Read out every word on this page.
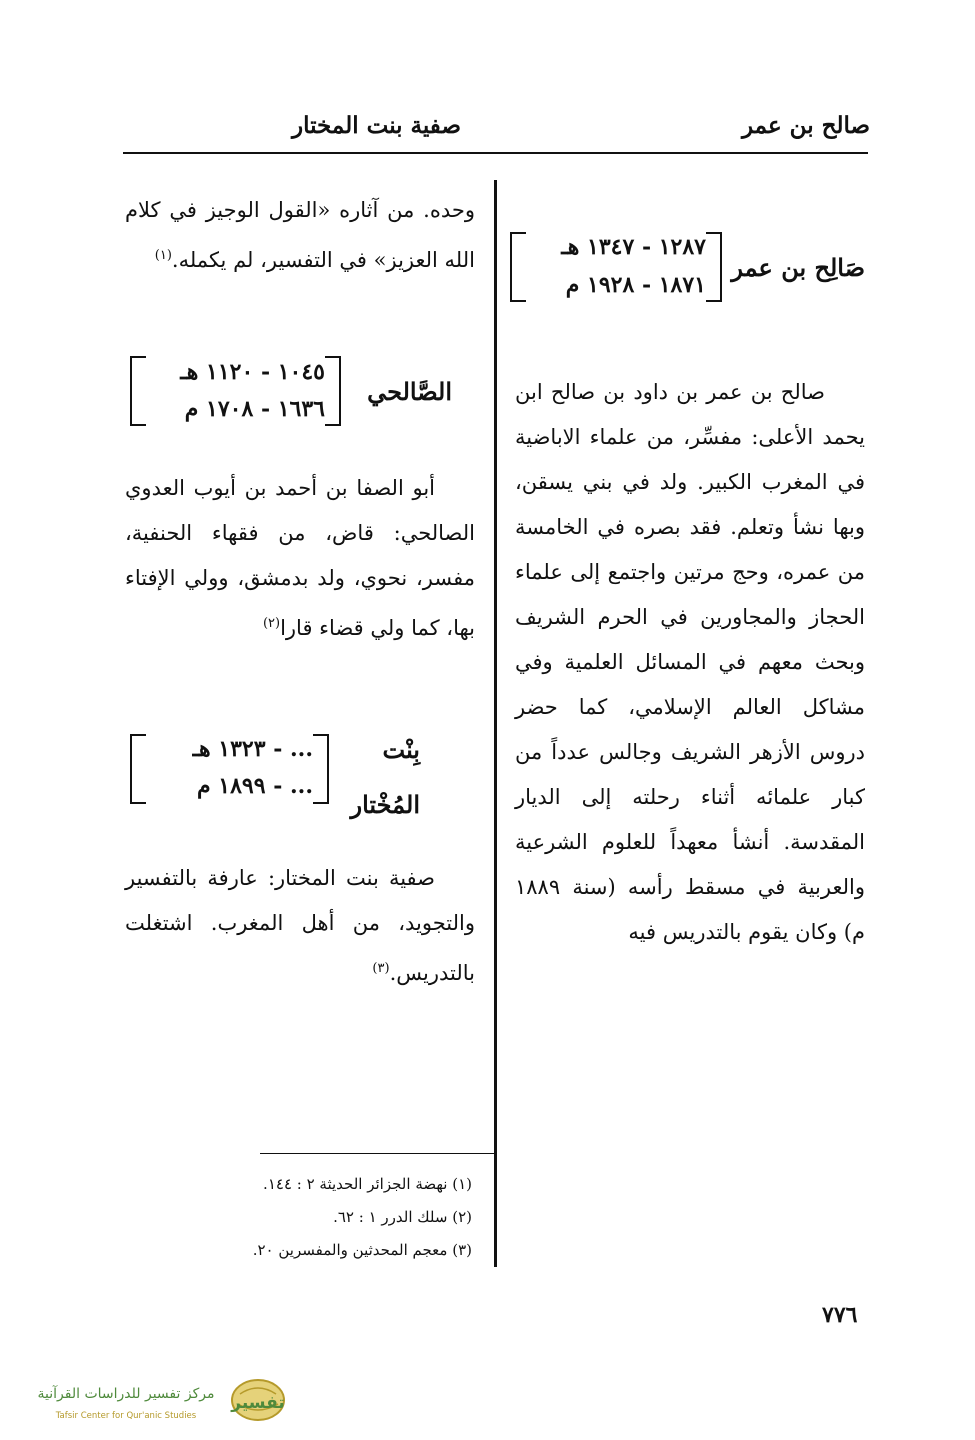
صالح بن عمر
صفية بنت المختار
صَالِح بن عمر
١٢٨٧ - ١٣٤٧ هـ
١٨٧١ - ١٩٢٨ م
صالح بن عمر بن داود بن صالح ابن يحمد الأعلى: مفسِّر، من علماء الاباضية في المغرب الكبير. ولد في بني يسقن، وبها نشأ وتعلم. فقد بصره في الخامسة من عمره، وحج مرتين واجتمع إلى علماء الحجاز والمجاورين في الحرم الشريف وبحث معهم في المسائل العلمية وفي مشاكل العالم الإسلامي، كما حضر دروس الأزهر الشريف وجالس عدداً من كبار علمائه أثناء رحلته إلى الديار المقدسة. أنشأ معهداً للعلوم الشرعية والعربية في مسقط رأسه (سنة ١٨٨٩ م) وكان يقوم بالتدريس فيه
وحده. من آثاره «القول الوجيز في كلام الله العزيز» في التفسير، لم يكمله.$^{(١)}$
الصَّالحي
١٠٤٥ - ١١٢٠ هـ
١٦٣٦ - ١٧٠٨ م
أبو الصفا بن أحمد بن أيوب العدوي الصالحي: قاض، من فقهاء الحنفية، مفسر، نحوي، ولد بدمشق، وولي الإفتاء بها، كما ولي قضاء قارا$^{(٢)}$
بِنْت
المُخْتار
... - ١٣٢٣ هـ
... - ١٨٩٩ م
صفية بنت المختار: عارفة بالتفسير والتجويد، من أهل المغرب. اشتغلت بالتدريس.$^{(٣)}$
(١) نهضة الجزائر الحديثة ٢ : ١٤٤.
(٢) سلك الدرر ١ : ٦٢.
(٣) معجم المحدثين والمفسرين ٢٠.
٧٧٦
تفسير
مركز تفسير للدراسات القرآنية
Tafsir Center for Qur'anic Studies
